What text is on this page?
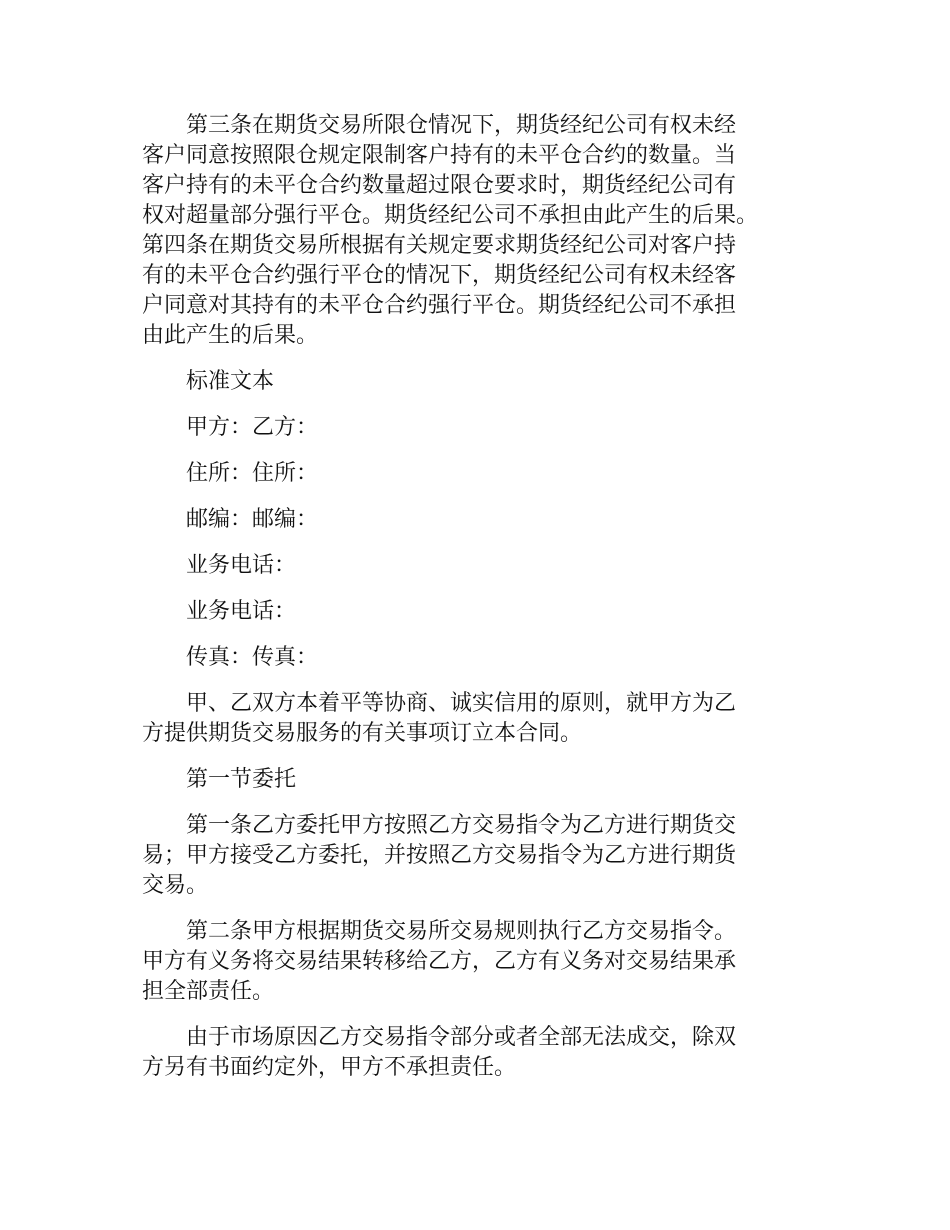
第三条在期货交易所限仓情况下，期货经纪公司有权未经
客户同意按照限仓规定限制客户持有的未平仓合约的数量。当
客户持有的未平仓合约数量超过限仓要求时，期货经纪公司有
权对超量部分强行平仓。期货经纪公司不承担由此产生的后果。
第四条在期货交易所根据有关规定要求期货经纪公司对客户持
有的未平仓合约强行平仓的情况下，期货经纪公司有权未经客
户同意对其持有的未平仓合约强行平仓。期货经纪公司不承担
由此产生的后果。

标准文本

甲方：乙方：

住所：住所：

邮编：邮编：

业务电话：

业务电话：

传真：传真：

甲、乙双方本着平等协商、诚实信用的原则，就甲方为乙
方提供期货交易服务的有关事项订立本合同。

第一节委托

第一条乙方委托甲方按照乙方交易指令为乙方进行期货交
易；甲方接受乙方委托，并按照乙方交易指令为乙方进行期货
交易。

第二条甲方根据期货交易所交易规则执行乙方交易指令。
甲方有义务将交易结果转移给乙方，乙方有义务对交易结果承
担全部责任。

由于市场原因乙方交易指令部分或者全部无法成交，除双
方另有书面约定外，甲方不承担责任。
